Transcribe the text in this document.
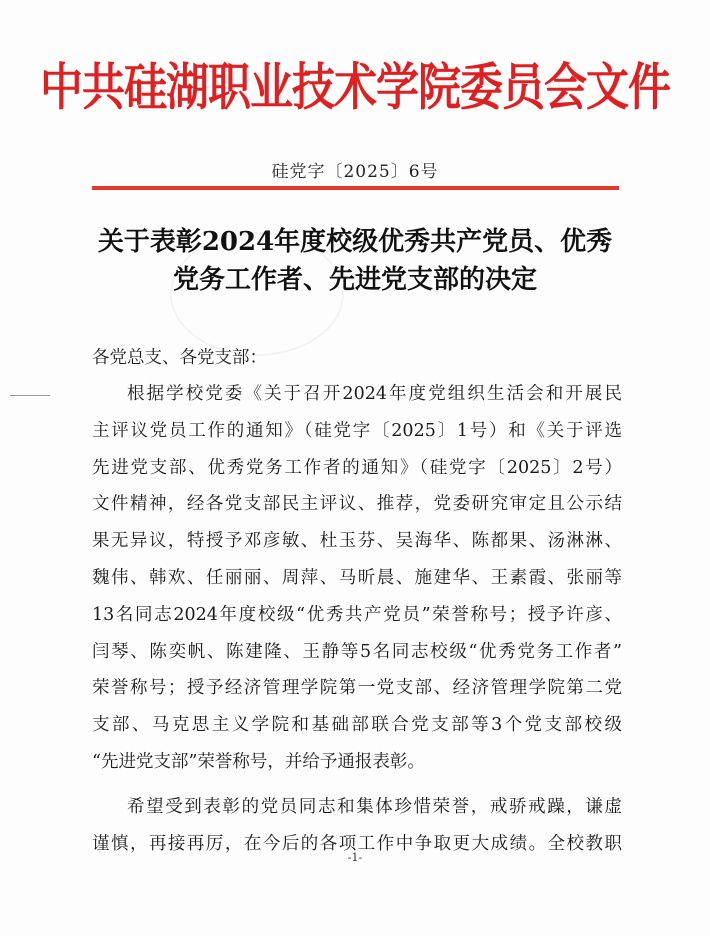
中共硅湖职业技术学院委员会文件
硅党字〔2025〕6号
关于表彰2024年度校级优秀共产党员、优秀
党务工作者、先进党支部的决定
各党总支、各党支部：
根据学校党委《关于召开2024年度党组织生活会和开展民
主评议党员工作的通知》（硅党字〔2025〕1号）和《关于评选
先进党支部、优秀党务工作者的通知》（硅党字〔2025〕2号）
文件精神，经各党支部民主评议、推荐，党委研究审定且公示结
果无异议，特授予邓彦敏、杜玉芬、吴海华、陈都果、汤淋淋、
魏伟、韩欢、任丽丽、周萍、马昕晨、施建华、王素霞、张丽等
13名同志2024年度校级“优秀共产党员”荣誉称号；授予许彦、
闫琴、陈奕帆、陈建隆、王静等5名同志校级“优秀党务工作者”
荣誉称号；授予经济管理学院第一党支部、经济管理学院第二党
支部、马克思主义学院和基础部联合党支部等3个党支部校级
“先进党支部”荣誉称号，并给予通报表彰。
希望受到表彰的党员同志和集体珍惜荣誉，戒骄戒躁，谦虚
谨慎，再接再厉，在今后的各项工作中争取更大成绩。全校教职
-1-
